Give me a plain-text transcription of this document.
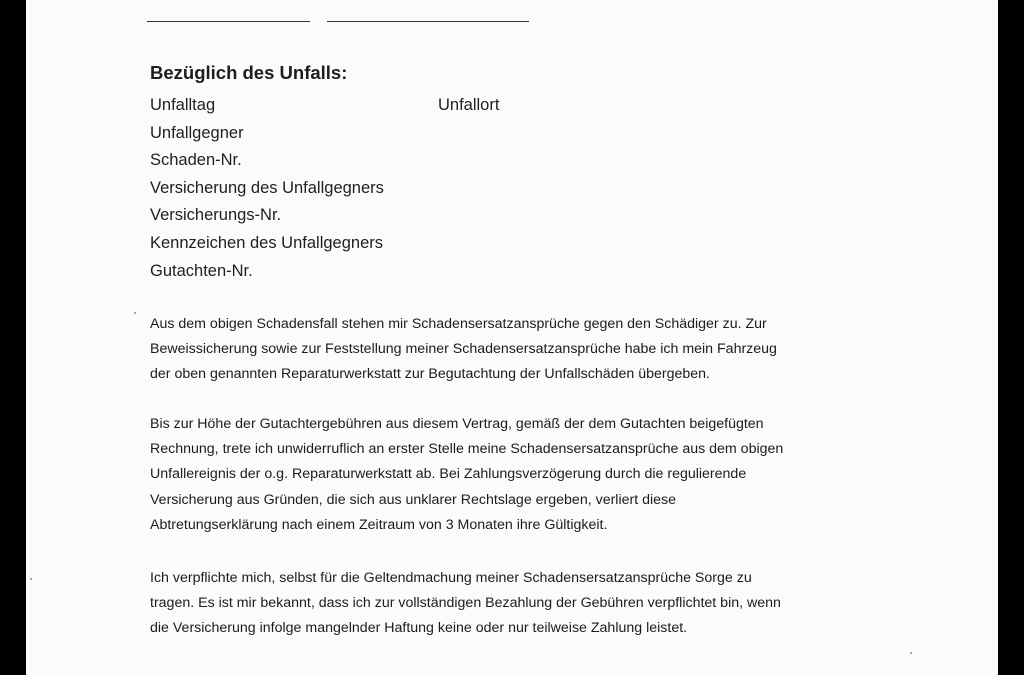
Bezüglich des Unfalls:
Unfalltag	Unfallort
Unfallgegner
Schaden-Nr.
Versicherung des Unfallgegners
Versicherungs-Nr.
Kennzeichen des Unfallgegners
Gutachten-Nr.
Aus dem obigen Schadensfall stehen mir Schadensersatzansprüche gegen den Schädiger zu. Zur
Beweissicherung sowie zur Feststellung meiner Schadensersatzansprüche habe ich mein Fahrzeug
der oben genannten Reparaturwerkstatt zur Begutachtung der Unfallschäden übergeben.
Bis zur Höhe der Gutachtergebühren aus diesem Vertrag, gemäß der dem Gutachten beigefügten
Rechnung, trete ich unwiderruflich an erster Stelle meine Schadensersatzansprüche aus dem obigen
Unfallereignis der o.g. Reparaturwerkstatt ab. Bei Zahlungsverzögerung durch die regulierende
Versicherung aus Gründen, die sich aus unklarer Rechtslage ergeben, verliert diese
Abtretungserklärung nach einem Zeitraum von 3 Monaten ihre Gültigkeit.
Ich verpflichte mich, selbst für die Geltendmachung meiner Schadensersatzansprüche Sorge zu
tragen. Es ist mir bekannt, dass ich zur vollständigen Bezahlung der Gebühren verpflichtet bin, wenn
die Versicherung infolge mangelnder Haftung keine oder nur teilweise Zahlung leistet.
